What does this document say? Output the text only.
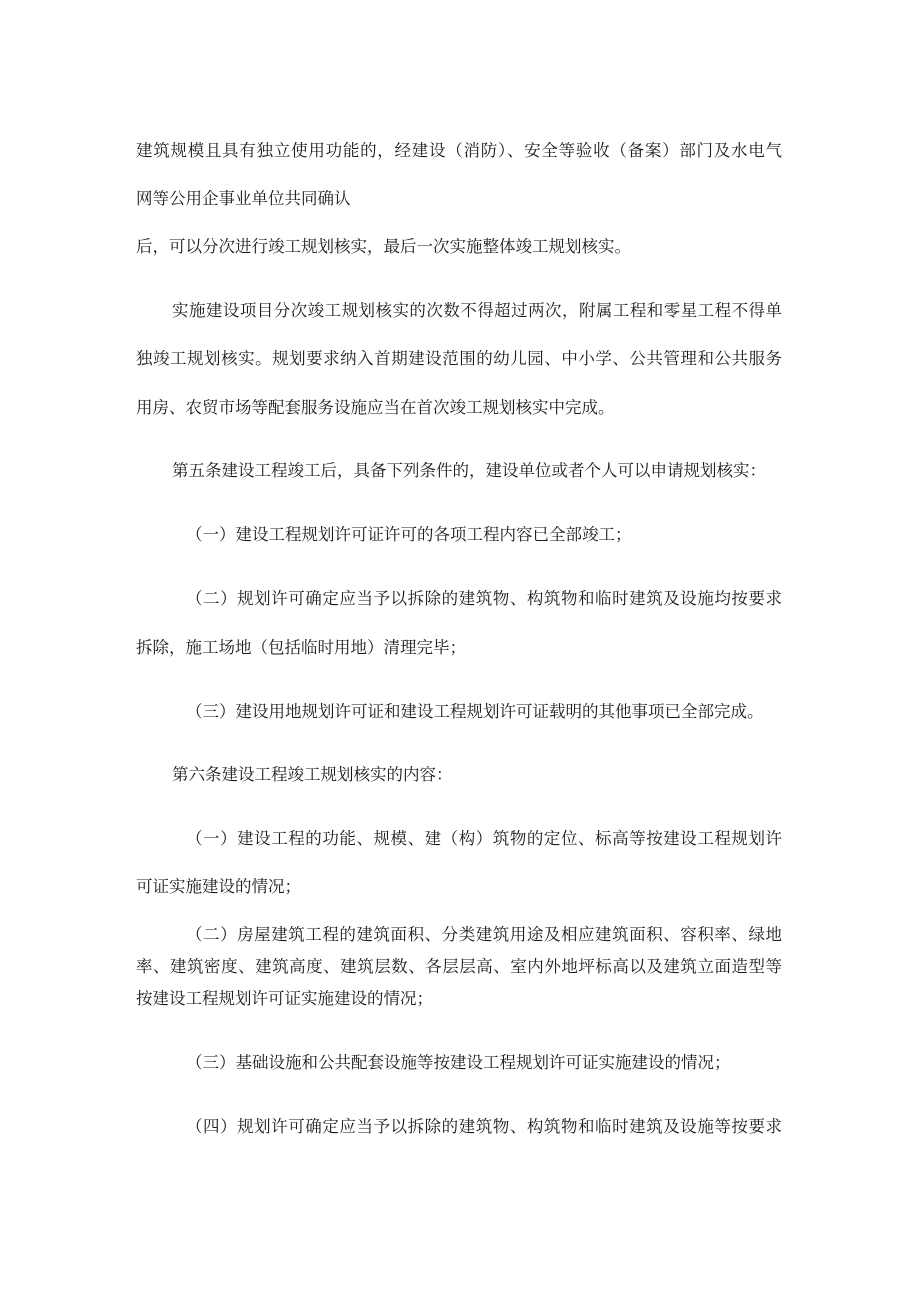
建筑规模且具有独立使用功能的，经建设（消防）、安全等验收（备案）部门及水电气

网等公用企事业单位共同确认

后，可以分次进行竣工规划核实，最后一次实施整体竣工规划核实。

实施建设项目分次竣工规划核实的次数不得超过两次，附属工程和零星工程不得单

独竣工规划核实。规划要求纳入首期建设范围的幼儿园、中小学、公共管理和公共服务

用房、农贸市场等配套服务设施应当在首次竣工规划核实中完成。

第五条建设工程竣工后，具备下列条件的，建设单位或者个人可以申请规划核实：

（一）建设工程规划许可证许可的各项工程内容已全部竣工；

（二）规划许可确定应当予以拆除的建筑物、构筑物和临时建筑及设施均按要求

拆除，施工场地（包括临时用地）清理完毕；

（三）建设用地规划许可证和建设工程规划许可证载明的其他事项已全部完成。

第六条建设工程竣工规划核实的内容：

（一）建设工程的功能、规模、建（构）筑物的定位、标高等按建设工程规划许

可证实施建设的情况；

（二）房屋建筑工程的建筑面积、分类建筑用途及相应建筑面积、容积率、绿地

率、建筑密度、建筑高度、建筑层数、各层层高、室内外地坪标高以及建筑立面造型等

按建设工程规划许可证实施建设的情况；

（三）基础设施和公共配套设施等按建设工程规划许可证实施建设的情况；

（四）规划许可确定应当予以拆除的建筑物、构筑物和临时建筑及设施等按要求
